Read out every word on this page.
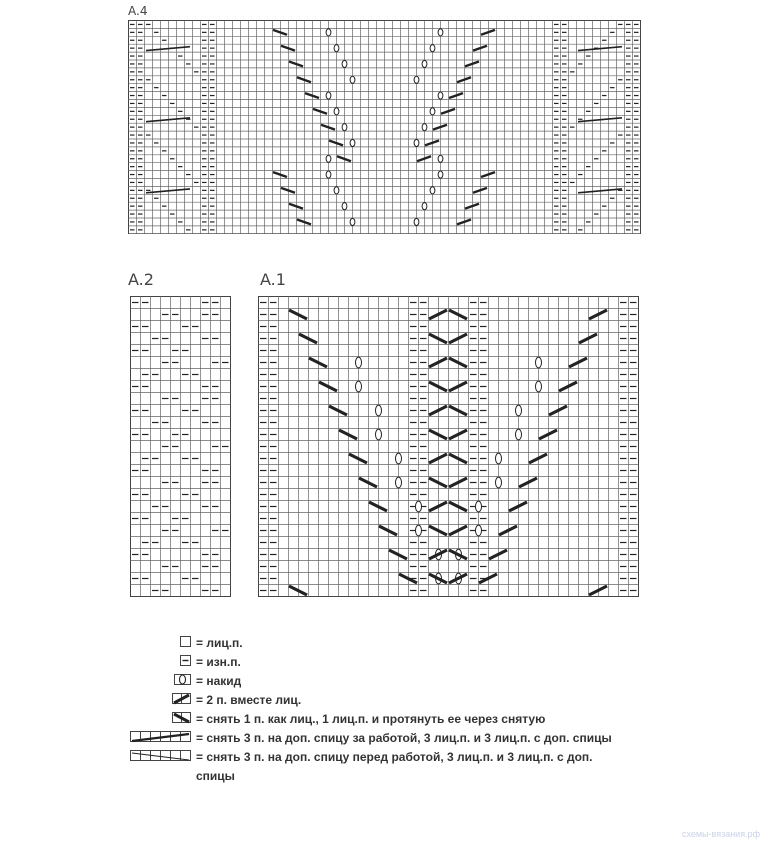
A.4
A.2	A.1
= лиц.п.
= изн.п.
= накид
= 2 п. вместе лиц.
= снять 1 п. как лиц., 1 лиц.п. и протянуть ее через снятую
= снять 3 п. на доп. спицу за работой, 3 лиц.п. и 3 лиц.п. с доп. спицы
= снять 3 п. на доп. спицу перед работой, 3 лиц.п. и 3 лиц.п. с доп.
спицы
схемы-вязания.рф
